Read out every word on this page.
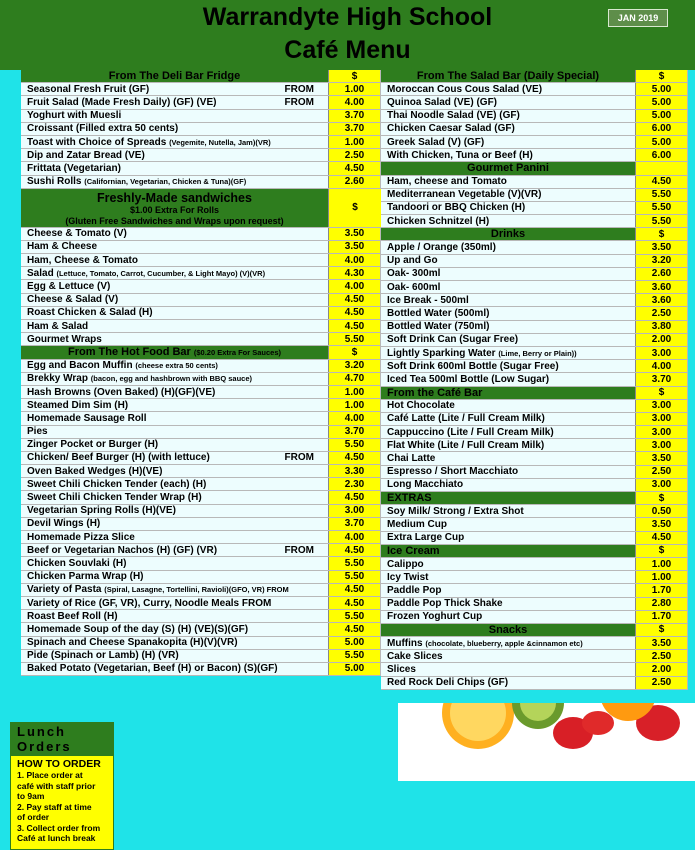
Warrandyte High School
Café Menu
JAN 2019
From The Deli Bar Fridge	$
Seasonal Fresh Fruit (GF)	FROM	1.00
Fruit Salad (Made Fresh Daily) (GF) (VE)	FROM	4.00
Yoghurt with Muesli	3.70
Croissant (Filled extra 50 cents)	3.70
Toast with Choice of Spreads (Vegemite, Nutella, Jam)(VR)	1.00
Dip and Zatar Bread (VE)	2.50
Frittata (Vegetarian)	4.50
Sushi Rolls (Californian, Vegetarian, Chicken & Tuna)(GF)	2.60
Freshly-Made sandwiches
$1.00 Extra For Rolls
(Gluten Free Sandwiches and Wraps upon request)
$
Cheese & Tomato (V)	3.50
Ham & Cheese	3.50
Ham, Cheese & Tomato	4.00
Salad (Lettuce, Tomato, Carrot, Cucumber, & Light Mayo) (V)(VR)	4.30
Egg & Lettuce (V)	4.00
Cheese & Salad (V)	4.50
Roast Chicken & Salad (H)	4.50
Ham & Salad	4.50
Gourmet Wraps	5.50
From The Hot Food Bar ($0.20 Extra For Sauces)	$
Egg and Bacon Muffin (cheese extra 50 cents)	3.20
Brekky Wrap (bacon, egg and hashbrown with BBQ sauce)	4.70
Hash Browns (Oven Baked) (H)(GF)(VE)	1.00
Steamed Dim Sim (H)	1.00
Homemade Sausage Roll	4.00
Pies	3.70
Zinger Pocket or Burger (H)	5.50
Chicken/ Beef Burger (H) (with lettuce)	FROM	4.50
Oven Baked Wedges (H)(VE)	3.30
Sweet Chili Chicken Tender (each) (H)	2.30
Sweet Chili Chicken Tender Wrap (H)	4.50
Vegetarian Spring Rolls (H)(VE)	3.00
Devil Wings (H)	3.70
Homemade Pizza Slice	4.00
Beef or Vegetarian Nachos (H) (GF) (VR)	FROM	4.50
Chicken Souvlaki (H)	5.50
Chicken Parma Wrap (H)	5.50
Variety of Pasta (Spiral, Lasagne, Tortellini, Ravioli)(GFO, VR) FROM	4.50
Variety of Rice (GF, VR), Curry, Noodle Meals FROM	4.50
Roast Beef Roll (H)	5.50
Homemade Soup of the day (S) (H) (VE)(S)(GF)	4.50
Spinach and Cheese Spanakopita (H)(V)(VR)	5.00
Pide (Spinach or Lamb) (H) (VR)	5.50
Baked Potato (Vegetarian, Beef (H) or Bacon) (S)(GF)	5.00
From The Salad Bar (Daily Special)	$
Moroccan Cous Cous Salad (VE)	5.00
Quinoa Salad (VE) (GF)	5.00
Thai Noodle Salad (VE) (GF)	5.00
Chicken Caesar Salad (GF)	6.00
Greek Salad (V) (GF)	5.00
With Chicken, Tuna or Beef (H)	6.00
Gourmet Panini
Ham, cheese and Tomato	4.50
Mediterranean Vegetable (V)(VR)	5.50
Tandoori or BBQ Chicken (H)	5.50
Chicken Schnitzel (H)	5.50
Drinks	$
Apple / Orange (350ml)	3.50
Up and Go	3.20
Oak- 300ml	2.60
Oak- 600ml	3.60
Ice Break - 500ml	3.60
Bottled Water (500ml)	2.50
Bottled Water (750ml)	3.80
Soft Drink Can (Sugar Free)	2.00
Lightly Sparking Water (Lime, Berry or Plain))	3.00
Soft Drink 600ml Bottle (Sugar Free)	4.00
Iced Tea 500ml Bottle (Low Sugar)	3.70
From the Café Bar	$
Hot Chocolate	3.00
Café Latte (Lite / Full Cream Milk)	3.00
Cappuccino (Lite / Full Cream Milk)	3.00
Flat White (Lite / Full Cream Milk)	3.00
Chai Latte	3.50
Espresso / Short Macchiato	2.50
Long Macchiato	3.00
EXTRAS	$
Soy Milk/ Strong / Extra Shot	0.50
Medium Cup	3.50
Extra Large Cup	4.50
Ice Cream	$
Calippo	1.00
Icy Twist	1.00
Paddle Pop	1.70
Paddle Pop Thick Shake	2.80
Frozen Yoghurt Cup	1.70
Snacks	$
Muffins (chocolate, blueberry, apple &cinnamon etc)	3.50
Cake Slices	2.50
Slices	2.00
Red Rock Deli Chips (GF)	2.50
Lunch
Orders
HOW TO ORDER
1. Place order at
café with staff prior
to 9am
2. Pay staff at time
of order
3. Collect order from
Café at lunch break
